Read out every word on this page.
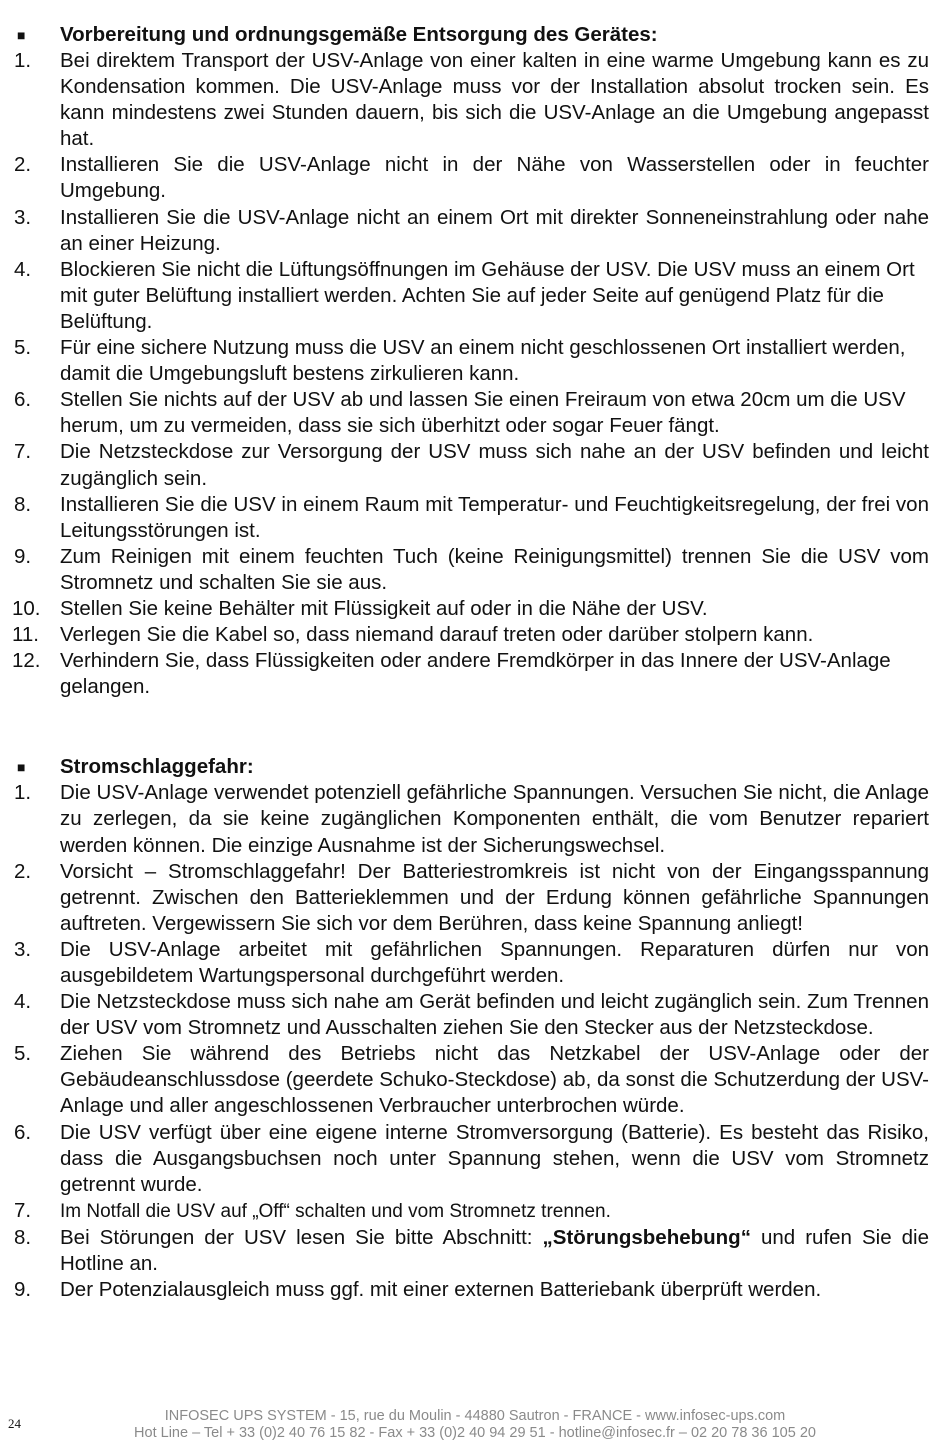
■ Vorbereitung und ordnungsgemäße Entsorgung des Gerätes:
1. Bei direktem Transport der USV-Anlage von einer kalten in eine warme Umgebung kann es zu Kondensation kommen. Die USV-Anlage muss vor der Installation absolut trocken sein. Es kann mindestens zwei Stunden dauern, bis sich die USV-Anlage an die Umgebung angepasst hat.
2. Installieren Sie die USV-Anlage nicht in der Nähe von Wasserstellen oder in feuchter Umgebung.
3. Installieren Sie die USV-Anlage nicht an einem Ort mit direkter Sonneneinstrahlung oder nahe an einer Heizung.
4. Blockieren Sie nicht die Lüftungsöffnungen im Gehäuse der USV. Die USV muss an einem Ort mit guter Belüftung installiert werden. Achten Sie auf jeder Seite auf genügend Platz für die Belüftung.
5. Für eine sichere Nutzung muss die USV an einem nicht geschlossenen Ort installiert werden, damit die Umgebungsluft bestens zirkulieren kann.
6. Stellen Sie nichts auf der USV ab und lassen Sie einen Freiraum von etwa 20cm um die USV herum, um zu vermeiden, dass sie sich überhitzt oder sogar Feuer fängt.
7. Die Netzsteckdose zur Versorgung der USV muss sich nahe an der USV befinden und leicht zugänglich sein.
8. Installieren Sie die USV in einem Raum mit Temperatur- und Feuchtigkeitsregelung, der frei von Leitungsstörungen ist.
9. Zum Reinigen mit einem feuchten Tuch (keine Reinigungsmittel) trennen Sie die USV vom Stromnetz und schalten Sie sie aus.
10. Stellen Sie keine Behälter mit Flüssigkeit auf oder in die Nähe der USV.
11. Verlegen Sie die Kabel so, dass niemand darauf treten oder darüber stolpern kann.
12. Verhindern Sie, dass Flüssigkeiten oder andere Fremdkörper in das Innere der USV-Anlage gelangen.
■ Stromschlaggefahr:
1. Die USV-Anlage verwendet potenziell gefährliche Spannungen. Versuchen Sie nicht, die Anlage zu zerlegen, da sie keine zugänglichen Komponenten enthält, die vom Benutzer repariert werden können. Die einzige Ausnahme ist der Sicherungswechsel.
2. Vorsicht – Stromschlaggefahr! Der Batteriestromkreis ist nicht von der Eingangsspannung getrennt. Zwischen den Batterieklemmen und der Erdung können gefährliche Spannungen auftreten. Vergewissern Sie sich vor dem Berühren, dass keine Spannung anliegt!
3. Die USV-Anlage arbeitet mit gefährlichen Spannungen. Reparaturen dürfen nur von ausgebildetem Wartungspersonal durchgeführt werden.
4. Die Netzsteckdose muss sich nahe am Gerät befinden und leicht zugänglich sein. Zum Trennen der USV vom Stromnetz und Ausschalten ziehen Sie den Stecker aus der Netzsteckdose.
5. Ziehen Sie während des Betriebs nicht das Netzkabel der USV-Anlage oder der Gebäudeanschlussdose (geerdete Schuko-Steckdose) ab, da sonst die Schutzerdung der USV-Anlage und aller angeschlossenen Verbraucher unterbrochen würde.
6. Die USV verfügt über eine eigene interne Stromversorgung (Batterie). Es besteht das Risiko, dass die Ausgangsbuchsen noch unter Spannung stehen, wenn die USV vom Stromnetz getrennt wurde.
7. Im Notfall die USV auf „Off“ schalten und vom Stromnetz trennen.
8. Bei Störungen der USV lesen Sie bitte Abschnitt: „Störungsbehebung“ und rufen Sie die Hotline an.
9. Der Potenzialausgleich muss ggf. mit einer externen Batteriebank überprüft werden.
24	INFOSEC UPS SYSTEM - 15, rue du Moulin - 44880 Sautron - FRANCE - www.infosec-ups.com
Hot Line – Tel + 33 (0)2 40 76 15 82 - Fax + 33 (0)2 40 94 29 51 - hotline@infosec.fr – 02 20 78 36 105 20
